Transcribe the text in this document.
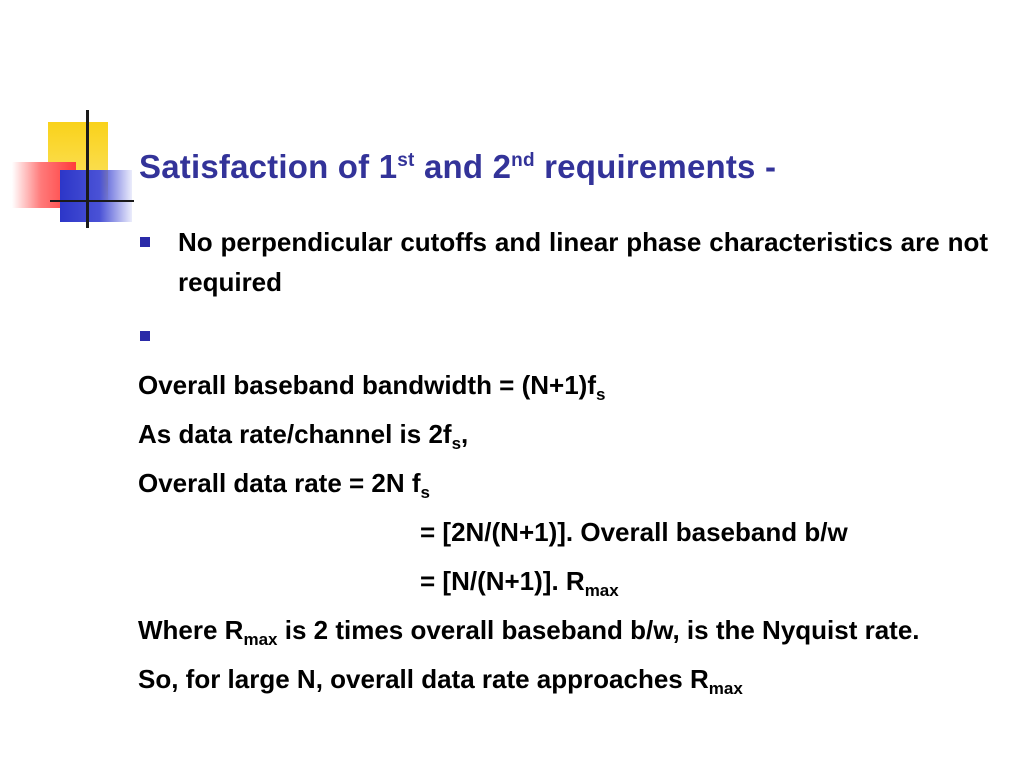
Satisfaction of 1st and 2nd requirements -
No perpendicular cutoffs and linear phase characteristics are not required
Overall baseband bandwidth = $(N+1)f_s$
As data rate/channel is $2f_s$,
Overall data rate = 2N $f_s$
= [2N/(N+1)]. Overall baseband b/w
= [N/(N+1)]. $R_{max}$
Where $R_{max}$ is 2 times overall baseband b/w, is the Nyquist rate.
So, for large N, overall data rate approaches $R_{max}$
